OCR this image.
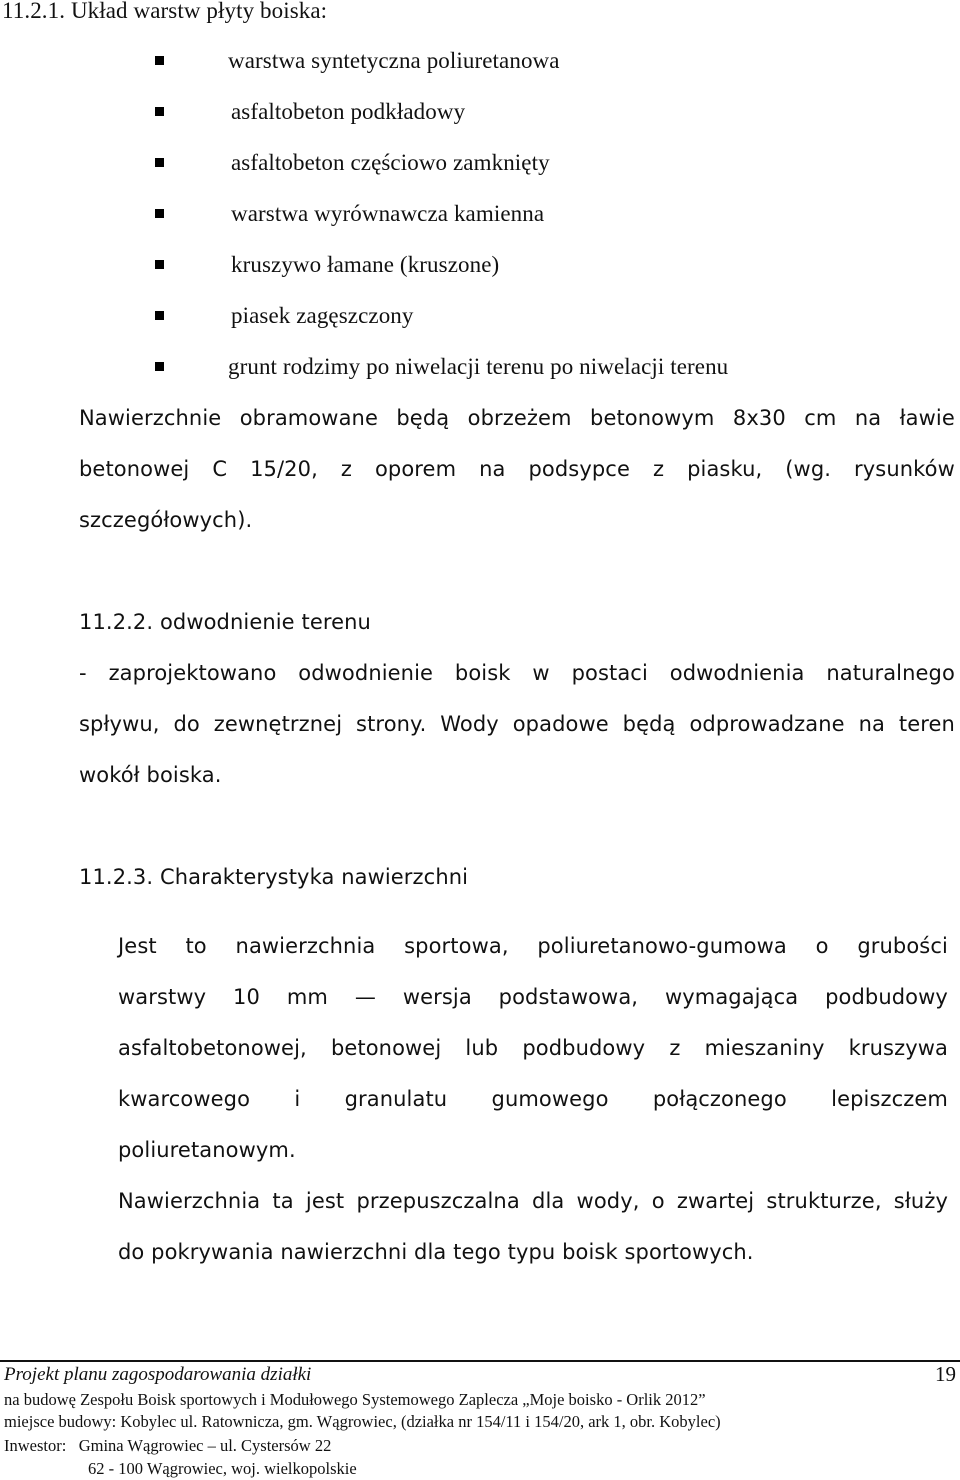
11.2.1. Układ warstw płyty boiska:
warstwa syntetyczna poliuretanowa
asfaltobeton podkładowy
asfaltobeton częściowo zamknięty
warstwa wyrównawcza kamienna
kruszywo łamane (kruszone)
piasek zagęszczony
grunt rodzimy po niwelacji terenu po niwelacji terenu
Nawierzchnie obramowane będą obrzeżem betonowym 8x30 cm na ławie
betonowej C 15/20, z oporem na podsypce z piasku, (wg. rysunków
szczegółowych).
11.2.2. odwodnienie terenu
- zaprojektowano odwodnienie boisk w postaci odwodnienia naturalnego
spływu, do zewnętrznej strony. Wody opadowe będą odprowadzane na teren
wokół boiska.
11.2.3. Charakterystyka nawierzchni
Jest to nawierzchnia sportowa, poliuretanowo-gumowa o grubości
warstwy 10 mm — wersja podstawowa, wymagająca podbudowy
asfaltobetonowej, betonowej lub podbudowy z mieszaniny kruszywa
kwarcowego i granulatu gumowego połączonego lepiszczem
poliuretanowym.
Nawierzchnia ta jest przepuszczalna dla wody, o zwartej strukturze, służy
do pokrywania nawierzchni dla tego typu boisk sportowych.
Projekt planu zagospodarowania działki	19
na budowę Zespołu Boisk sportowych i Modułowego Systemowego Zaplecza „Moje boisko - Orlik 2012”
miejsce budowy: Kobylec ul. Ratownicza, gm. Wągrowiec, (działka nr 154/11 i 154/20, ark 1, obr. Kobylec)
Inwestor:   Gmina Wągrowiec – ul. Cystersów 22
62 - 100 Wągrowiec, woj. wielkopolskie
